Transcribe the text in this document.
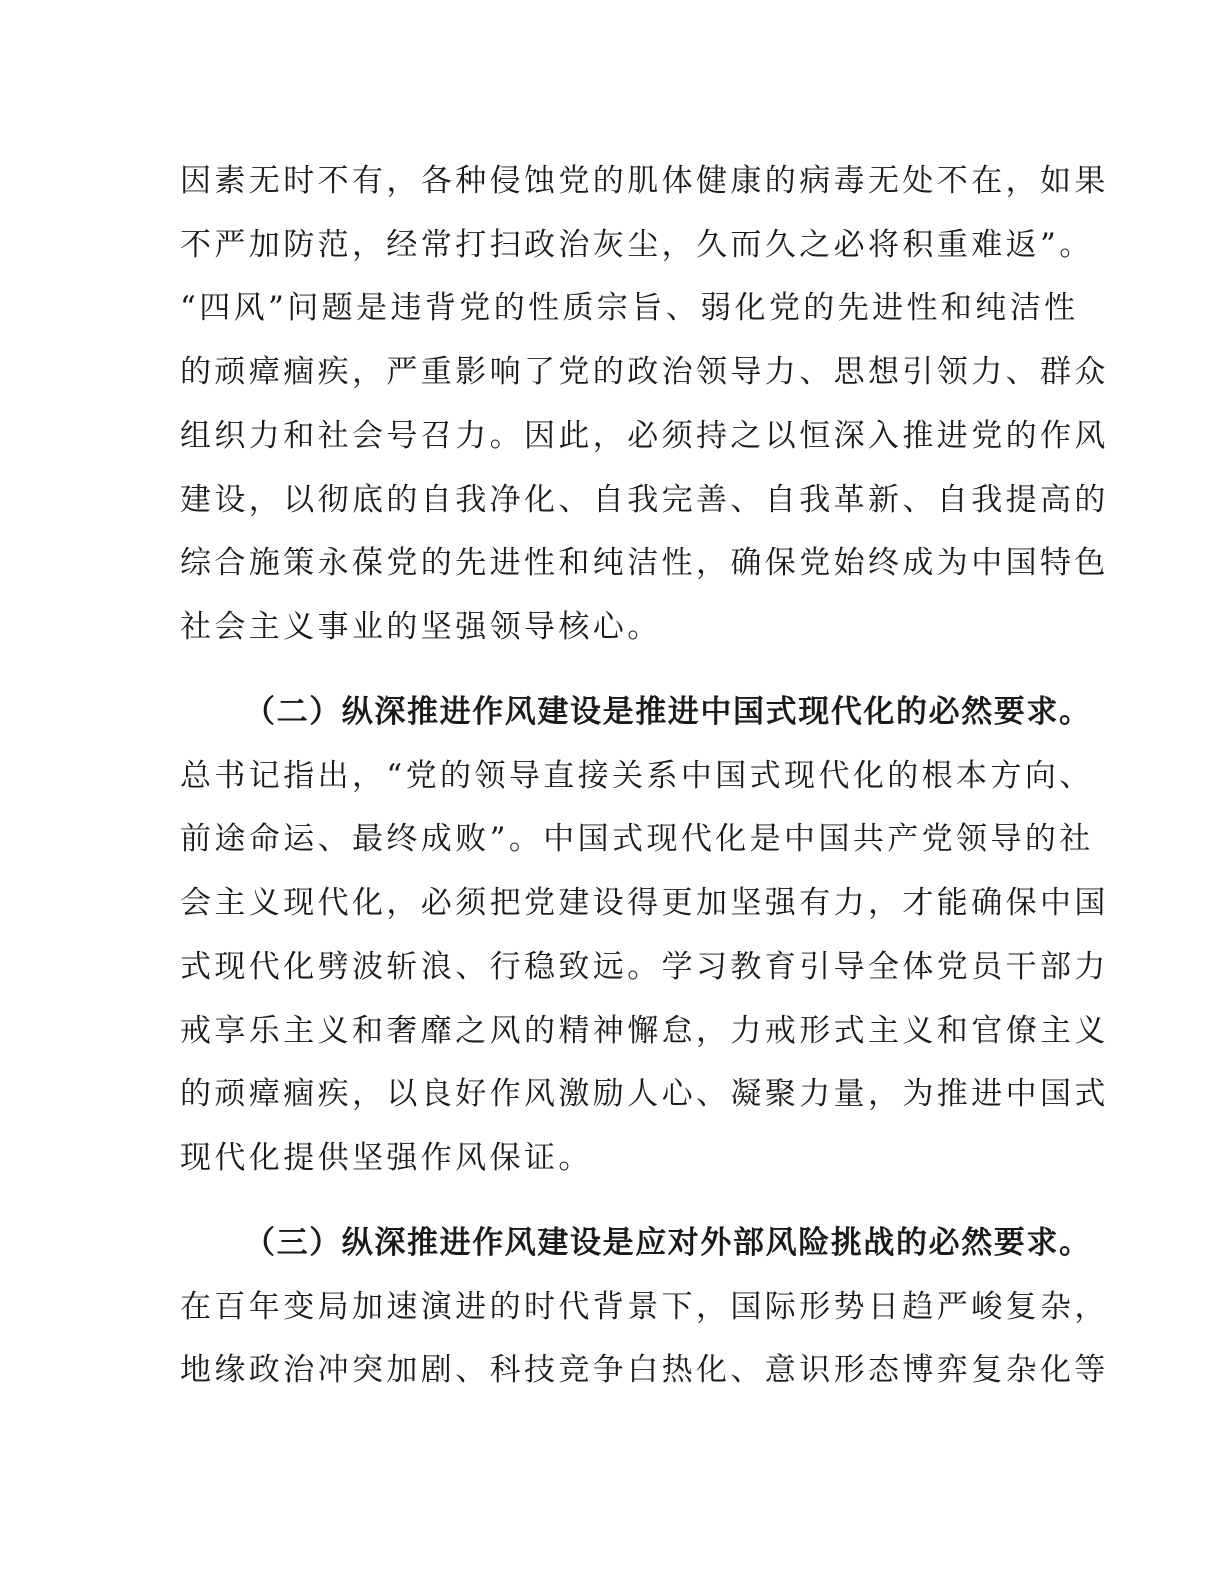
因素无时不有，各种侵蚀党的肌体健康的病毒无处不在，如果
不严加防范，经常打扫政治灰尘，久而久之必将积重难返”。
“四风”问题是违背党的性质宗旨、弱化党的先进性和纯洁性
的顽瘴痼疾，严重影响了党的政治领导力、思想引领力、群众
组织力和社会号召力。因此，必须持之以恒深入推进党的作风
建设，以彻底的自我净化、自我完善、自我革新、自我提高的
综合施策永葆党的先进性和纯洁性，确保党始终成为中国特色
社会主义事业的坚强领导核心。
（二）纵深推进作风建设是推进中国式现代化的必然要求。
总书记指出，“党的领导直接关系中国式现代化的根本方向、
前途命运、最终成败”。中国式现代化是中国共产党领导的社
会主义现代化，必须把党建设得更加坚强有力，才能确保中国
式现代化劈波斩浪、行稳致远。学习教育引导全体党员干部力
戒享乐主义和奢靡之风的精神懈怠，力戒形式主义和官僚主义
的顽瘴痼疾，以良好作风激励人心、凝聚力量，为推进中国式
现代化提供坚强作风保证。
（三）纵深推进作风建设是应对外部风险挑战的必然要求。
在百年变局加速演进的时代背景下，国际形势日趋严峻复杂，
地缘政治冲突加剧、科技竞争白热化、意识形态博弈复杂化等
